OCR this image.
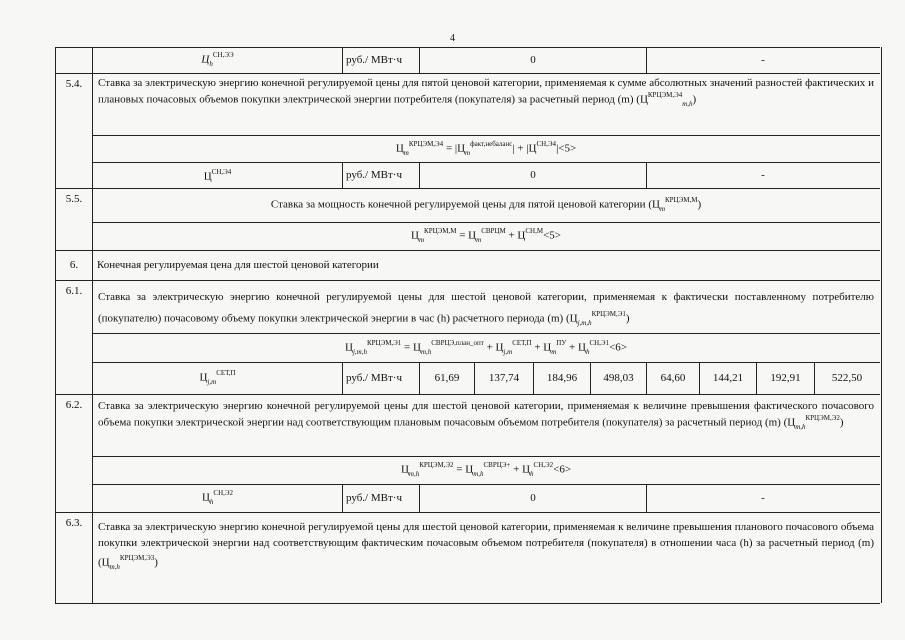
4
$Ц_h^{СН,ЭЭ}$	руб./ МВт·ч	0	-
5.4.	Ставка за электрическую энергию конечной регулируемой цены для пятой ценовой категории, применяемая к сумме абсолютных значений разностей фактических и плановых почасовых объемов покупки электрической энергии потребителя (покупателя) за расчетный период (m) $(Ц^{КРЦЭМ,Э4}_{m,h})$
$Ц_m^{КРЦЭМ,Э4} = |Ц_m^{факт,небаланс}| + |Ц^{СН,Э4}|<5>$
$Ц^{СН,Э4}$	руб./ МВт·ч	0	-
5.5.	Ставка за мощность конечной регулируемой цены для пятой ценовой категории $(Ц_m^{КРЦЭМ,М})$
$Ц_m^{КРЦЭМ,М} = Ц_m^{СВРЦМ} + Ц^{СН,М}<5>$
6.	Конечная регулируемая цена для шестой ценовой категории
6.1.	Ставка за электрическую энергию конечной регулируемой цены для шестой ценовой категории, применяемая к фактически поставленному потребителю (покупателю) почасовому объему покупки электрической энергии в час (h) расчетного периода (m) $(Ц_{j,m,h}^{КРЦЭМ,Э1})$
$Ц_{j,m,h}^{КРЦЭМ,Э1} = Ц_{m,h}^{СВРЦЭ,план\_опт} + Ц_{j,m}^{СЕТ,П} + Ц_m^{ПУ} + Ц_h^{СН,Э1}<6>$
$Ц_{j,m}^{СЕТ,П}$	руб./ МВт·ч	61,69	137,74	184,96	498,03	64,60	144,21	192,91	522,50
6.2.	Ставка за электрическую энергию конечной регулируемой цены для шестой ценовой категории, применяемая к величине превышения фактического почасового объема покупки электрической энергии над соответствующим плановым почасовым объемом потребителя (покупателя) за расчетный период (m) $(Ц_{m,h}^{КРЦЭМ,Э2})$
$Ц_{m,h}^{КРЦЭМ,Э2} = Ц_{m,h}^{СВРЦЭ+} + Ц_h^{СН,Э2}<6>$
$Ц_h^{СН,Э2}$	руб./ МВт·ч	0	-
6.3.	Ставка за электрическую энергию конечной регулируемой цены для шестой ценовой категории, применяемая к величине превышения планового почасового объема покупки электрической энергии над соответствующим фактическим почасовым объемом потребителя (покупателя) в отношении часа (h) за расчетный период (m) $(Ц_{m,h}^{КРЦЭМ,Э3})$
